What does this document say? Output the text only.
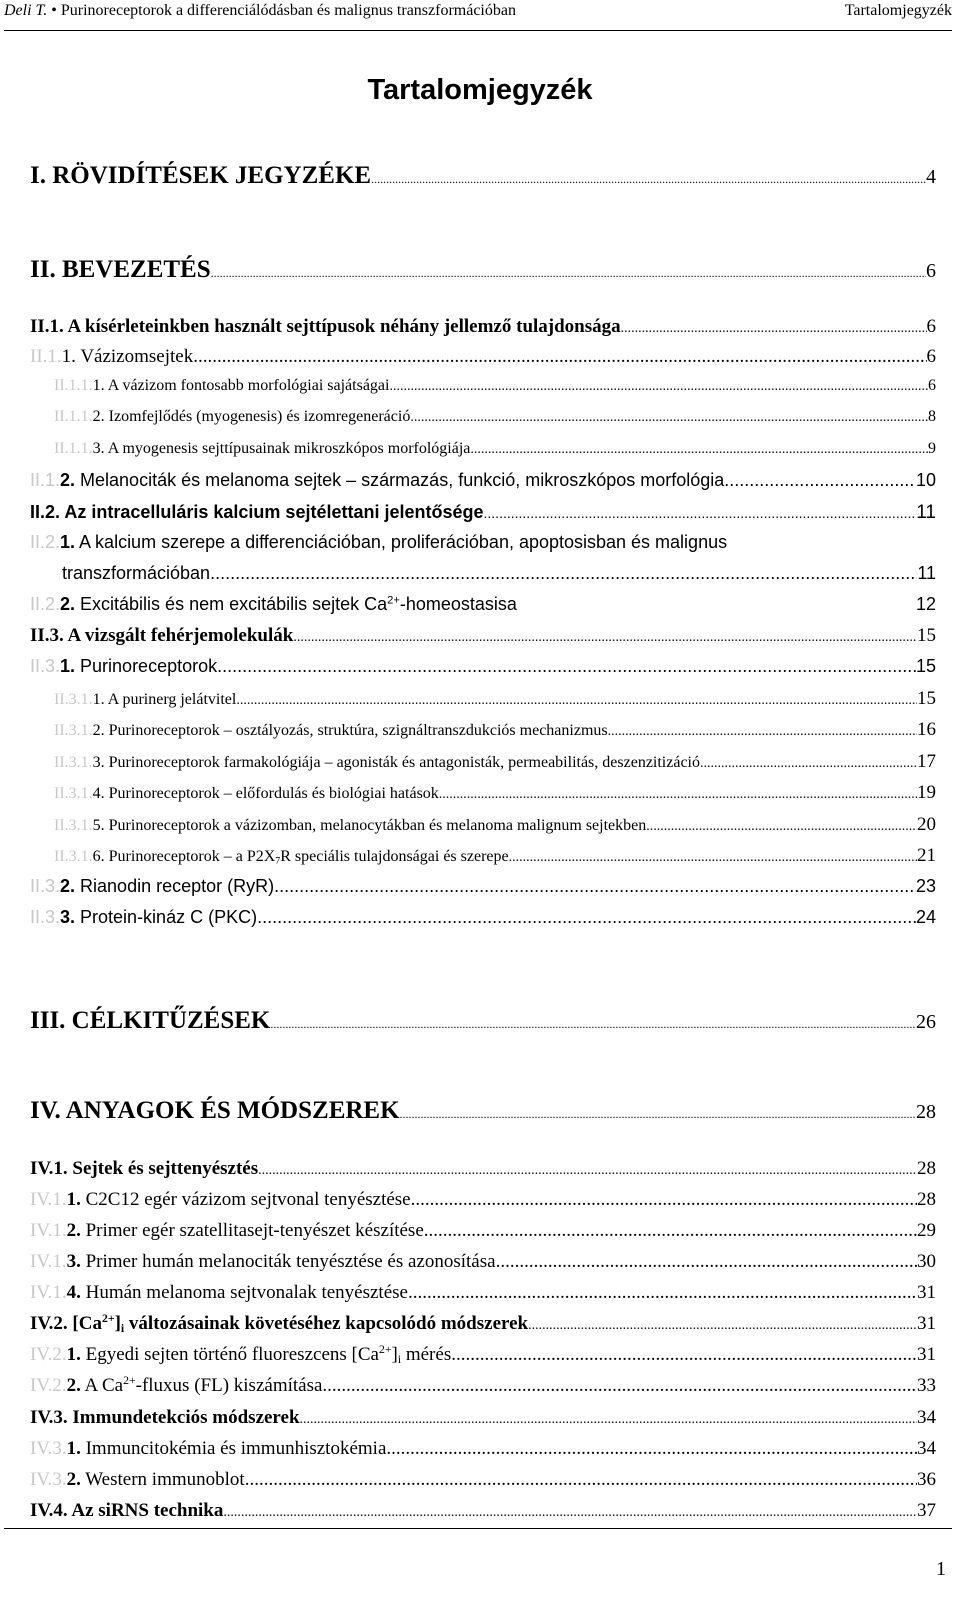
Deli T. • Purinoreceptorok a differenciálódásban és malignus transzformációban	Tartalomjegyzék
Tartalomjegyzék
I. RÖVIDÍTÉSEK JEGYZÉKE .....	4
II. BEVEZETÉS .....	6
II.1. A kísérleteinkben használt sejttípusok néhány jellemző tulajdonsága .....	6
II.1.1. Vázizomsejtek .....	6
II.1.1.1. A vázizom fontosabb morfológiai sajátságai .....	6
II.1.1.2. Izomfejlődés (myogenesis) és izomregeneráció .....	8
II.1.1.3. A myogenesis sejttípusainak mikroszkópos morfológiája .....	9
II.1.2. Melanociták és melanoma sejtek – származás, funkció, mikroszkópos morfológia .....	10
II.2. Az intracelluláris kalcium sejtélettani jelentősége .....	11
II.2.1. A kalcium szerepe a differenciációban, proliferációban, apoptosisban és malignus
transzformációban .....	11
II.2.2. Excitábilis és nem excitábilis sejtek $Ca^{2+}$-homeostasisa	12
II.3. A vizsgált fehérjemolekulák .....	15
II.3.1. Purinoreceptorok .....	15
II.3.1.1. A purinerg jelátvitel .....	15
II.3.1.2. Purinoreceptorok – osztályozás, struktúra, szignáltranszdukciós mechanizmus .....	16
II.3.1.3. Purinoreceptorok farmakológiája – agonisták és antagonisták, permeabilitás, deszenzitizáció .....	17
II.3.1.4. Purinoreceptorok – előfordulás és biológiai hatások .....	19
II.3.1.5. Purinoreceptorok a vázizomban, melanocytákban és melanoma malignum sejtekben .....	20
II.3.1.6. Purinoreceptorok – a $P2X_7R$ speciális tulajdonságai és szerepe .....	21
II.3.2. Rianodin receptor (RyR) .....	23
II.3.3. Protein-kináz C (PKC) .....	24
III. CÉLKITŰZÉSEK .....	26
IV. ANYAGOK ÉS MÓDSZEREK .....	28
IV.1. Sejtek és sejttenyésztés .....	28
IV.1.1. C2C12 egér vázizom sejtvonal tenyésztése .....	28
IV.1.2. Primer egér szatellitasejt-tenyészet készítése .....	29
IV.1.3. Primer humán melanociták tenyésztése és azonosítása .....	30
IV.1.4. Humán melanoma sejtvonalak tenyésztése .....	31
IV.2. $[Ca^{2+}]_i$ változásainak követéséhez kapcsolódó módszerek .....	31
IV.2.1. Egyedi sejten történő fluoreszcens $[Ca^{2+}]_i$ mérés .....	31
IV.2.2. A $Ca^{2+}$-fluxus (FL) kiszámítása .....	33
IV.3. Immundetekciós módszerek .....	34
IV.3.1. Immuncitokémia és immunhisztokémia .....	34
IV.3.2. Western immunoblot .....	36
IV.4. Az siRNS technika .....	37
1
